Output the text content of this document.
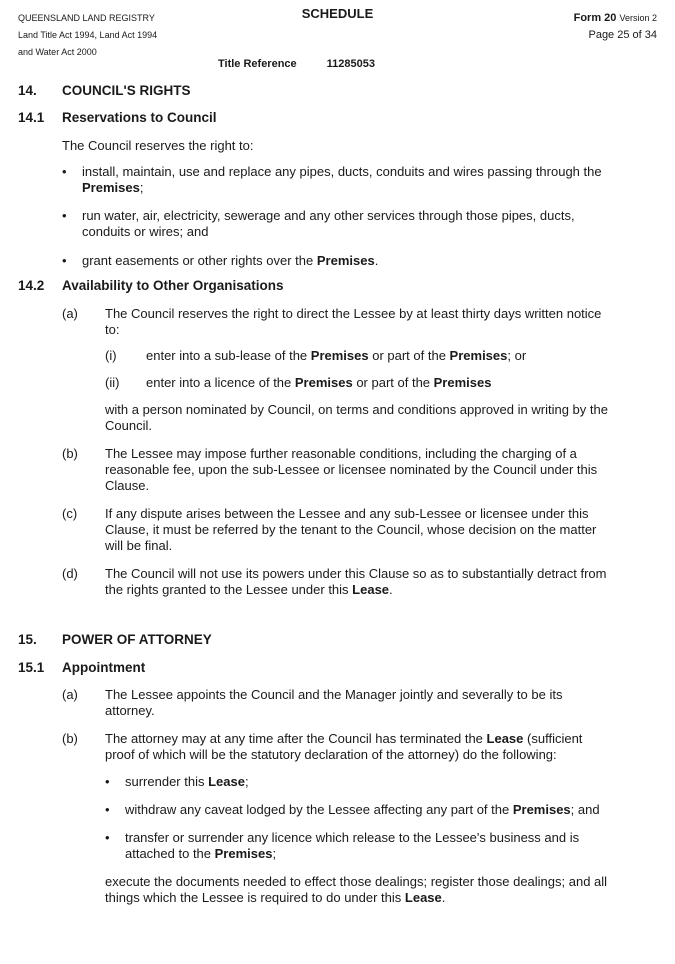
QUEENSLAND LAND REGISTRY
Land Title Act 1994, Land Act 1994
and Water Act 2000
SCHEDULE	Form 20 Version 2
Page 25 of 34
Title Reference	11285053
14. COUNCIL'S RIGHTS
14.1 Reservations to Council

The Council reserves the right to:

• install, maintain, use and replace any pipes, ducts, conduits and wires passing through the
Premises;
• run water, air, electricity, sewerage and any other services through those pipes, ducts,
conduits or wires; and
• grant easements or other rights over the Premises.
14.2 Availability to Other Organisations
(a) The Council reserves the right to direct the Lessee by at least thirty days written notice

to:

(i) enter into a sub-lease of the Premises or part of the Premises; or

(ii) enter into a licence of the Premises or part of the Premises

with a person nominated by Council, on terms and conditions approved in writing by the

Council.

(b) The Lessee may impose further reasonable conditions, including the charging of a

reasonable fee, upon the sub-Lessee or licensee nominated by the Council under this

Clause.

(c) If any dispute arises between the Lessee and any sub-Lessee or licensee under this

Clause, it must be referred by the tenant to the Council, whose decision on the matter

will be final.

(d) The Council will not use its powers under this Clause so as to substantially detract from

the rights granted to the Lessee under this Lease.

15. POWER OF ATTORNEY
15.1 Appointment
(a) The Lessee appoints the Council and the Manager jointly and severally to be its

attorney.

(b) The attorney may at any time after the Council has terminated the Lease (sufficient

proof of which will be the statutory declaration of the attorney) do the following:

• surrender this Lease;
• withdraw any caveat lodged by the Lessee affecting any part of the Premises; and
• transfer or surrender any licence which release to the Lessee's business and is
attached to the Premises;

execute the documents needed to effect those dealings; register those dealings; and all

things which the Lessee is required to do under this Lease.
